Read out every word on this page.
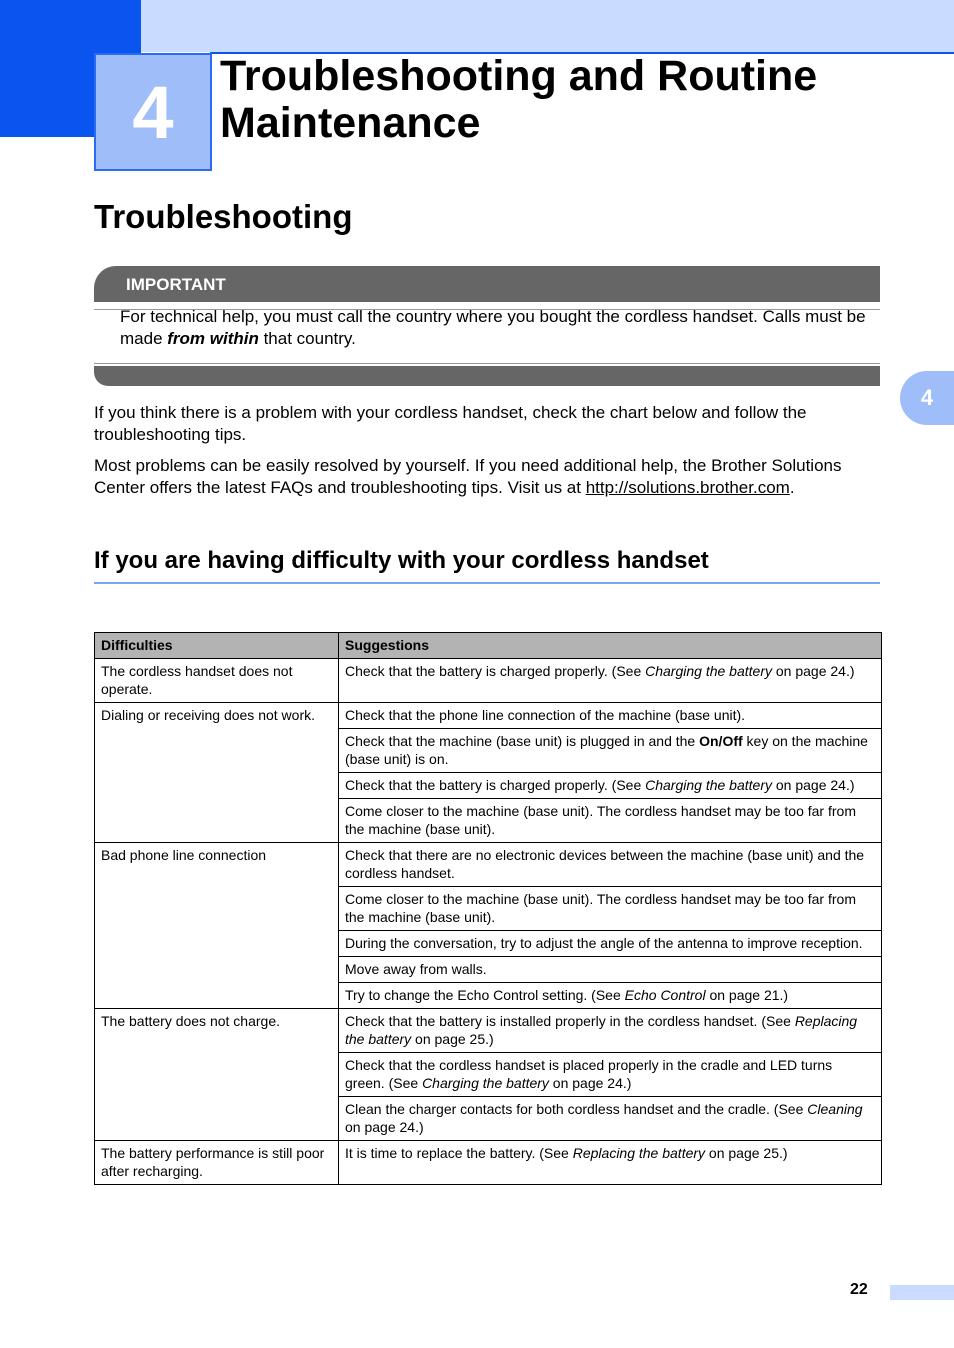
4 Troubleshooting and Routine Maintenance
Troubleshooting
IMPORTANT

For technical help, you must call the country where you bought the cordless handset. Calls must be made from within that country.

4

If you think there is a problem with your cordless handset, check the chart below and follow the troubleshooting tips.

Most problems can be easily resolved by yourself. If you need additional help, the Brother Solutions Center offers the latest FAQs and troubleshooting tips. Visit us at http://solutions.brother.com.

If you are having difficulty with your cordless handset
Difficulties	Suggestions
The cordless handset does not operate.	Check that the battery is charged properly. (See Charging the battery on page 24.)
Dialing or receiving does not work.	Check that the phone line connection of the machine (base unit).
	Check that the machine (base unit) is plugged in and the On/Off key on the machine (base unit) is on.
	Check that the battery is charged properly. (See Charging the battery on page 24.)
	Come closer to the machine (base unit). The cordless handset may be too far from the machine (base unit).
Bad phone line connection	Check that there are no electronic devices between the machine (base unit) and the cordless handset.
	Come closer to the machine (base unit). The cordless handset may be too far from the machine (base unit).
	During the conversation, try to adjust the angle of the antenna to improve reception.
	Move away from walls.
	Try to change the Echo Control setting. (See Echo Control on page 21.)
The battery does not charge.	Check that the battery is installed properly in the cordless handset. (See Replacing the battery on page 25.)
	Check that the cordless handset is placed properly in the cradle and LED turns green. (See Charging the battery on page 24.)
	Clean the charger contacts for both cordless handset and the cradle. (See Cleaning on page 24.)
The battery performance is still poor after recharging.	It is time to replace the battery. (See Replacing the battery on page 25.)
22
